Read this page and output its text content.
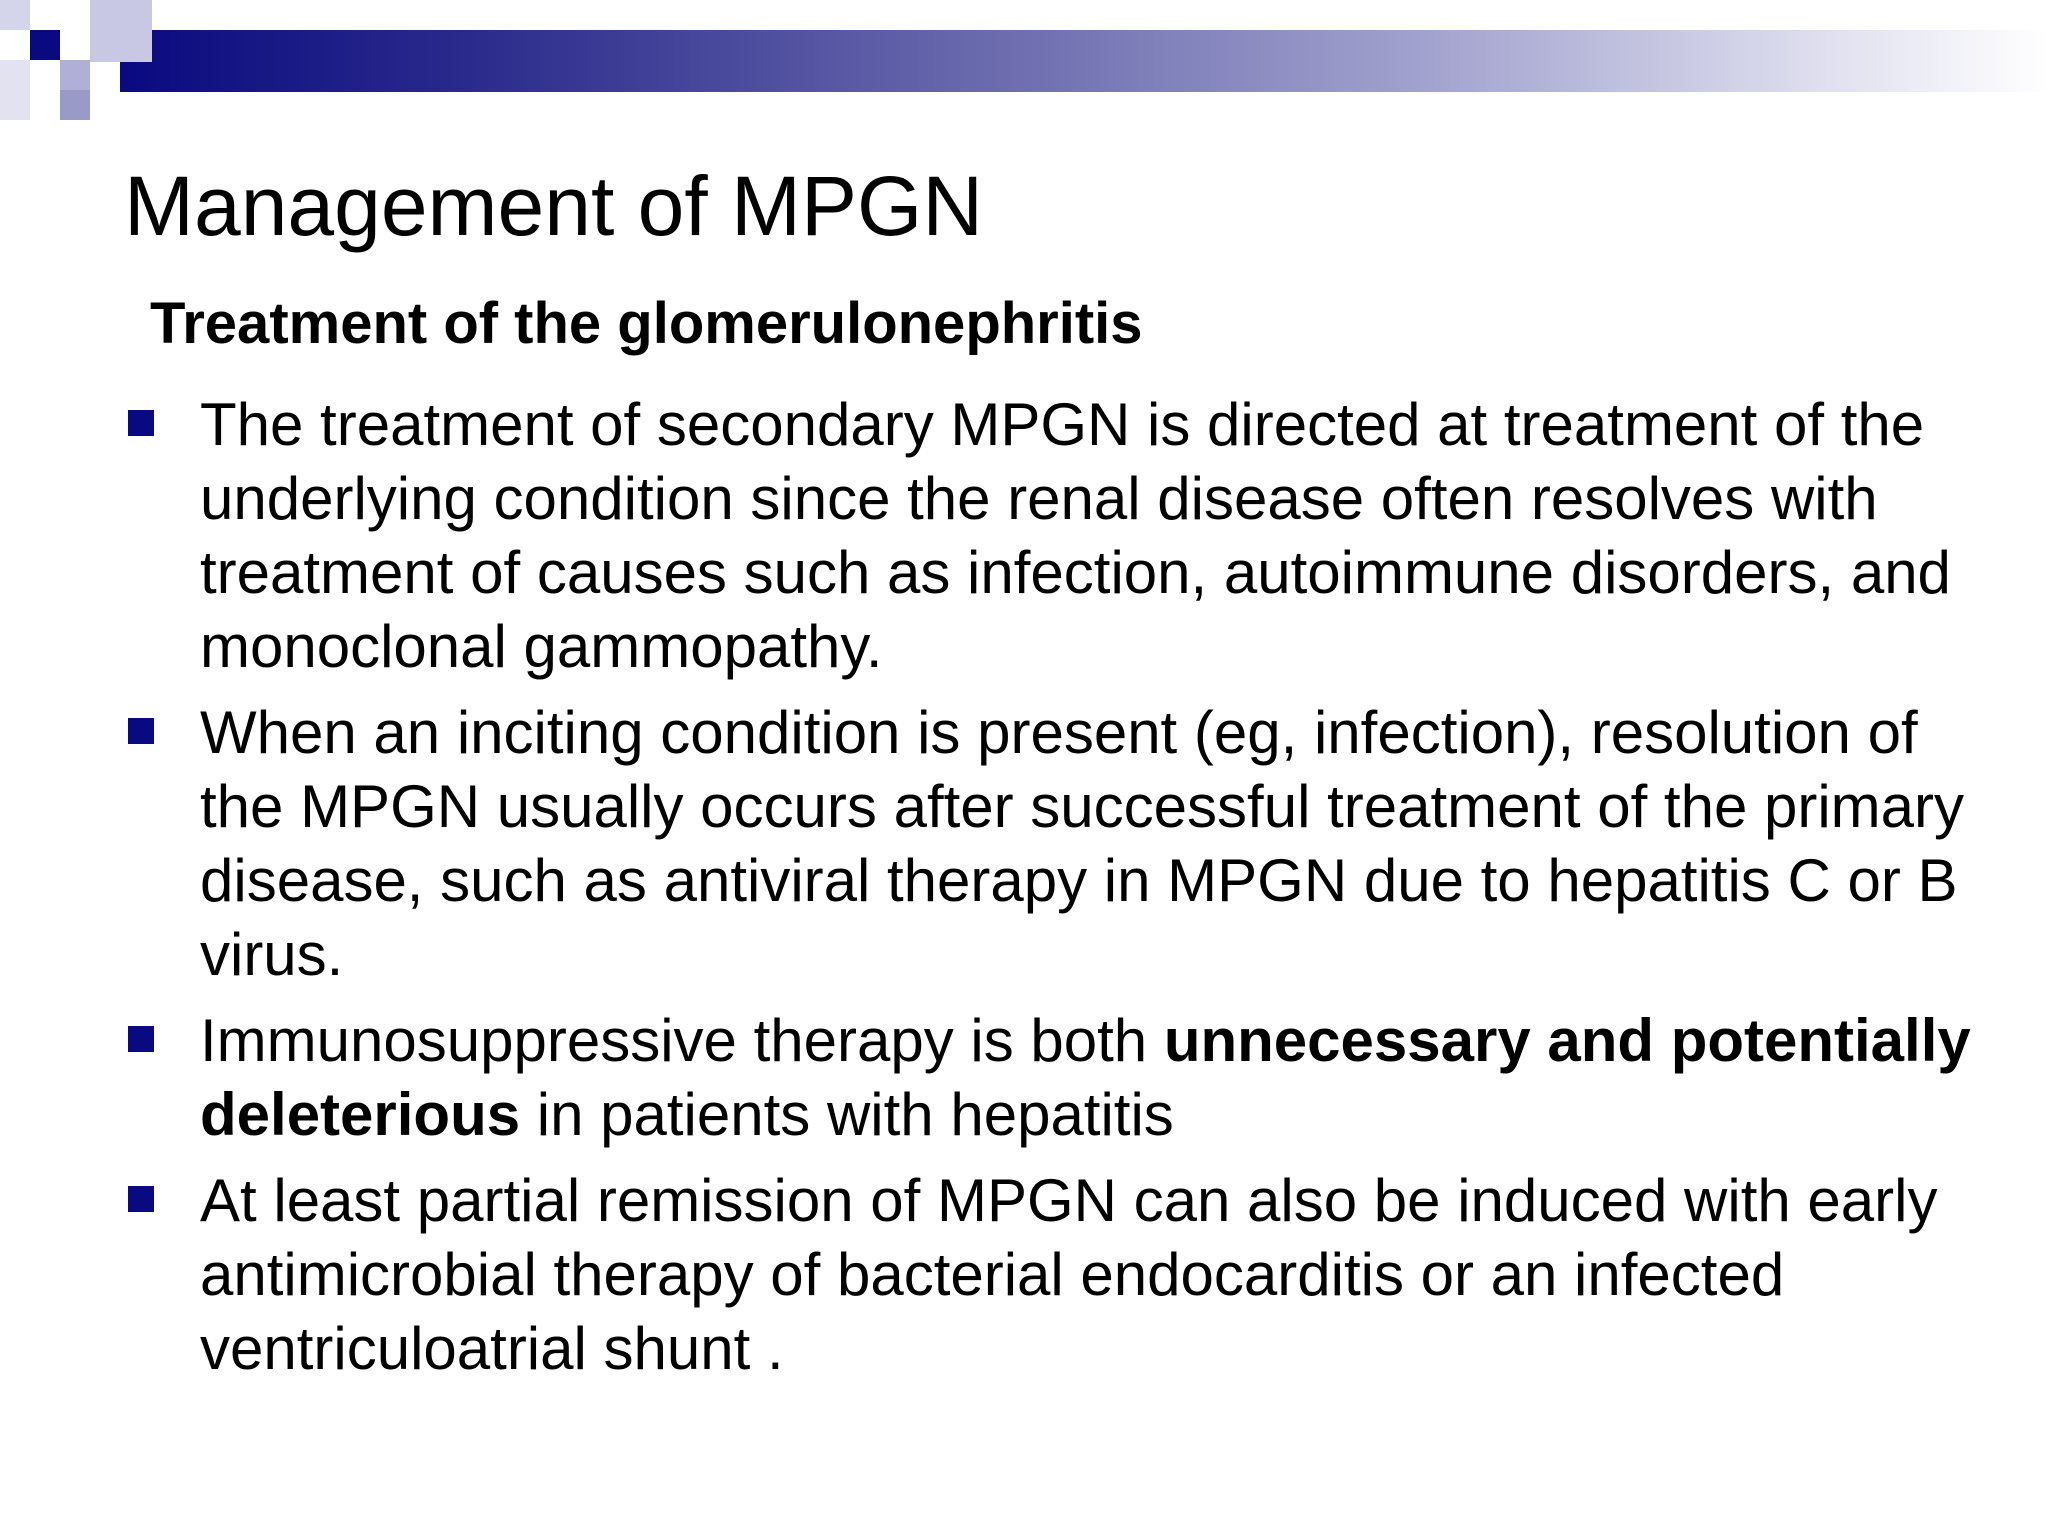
Management of MPGN
Treatment of the glomerulonephritis
The treatment of secondary MPGN is directed at treatment of the underlying condition since the renal disease often resolves with treatment of causes such as infection, autoimmune disorders, and monoclonal gammopathy.
When an inciting condition is present (eg, infection), resolution of the MPGN usually occurs after successful treatment of the primary disease, such as antiviral therapy in MPGN due to hepatitis C or B virus.
Immunosuppressive therapy is both unnecessary and potentially deleterious in patients with hepatitis
At least partial remission of MPGN can also be induced with early antimicrobial therapy of bacterial endocarditis or an infected ventriculoatrial shunt .
